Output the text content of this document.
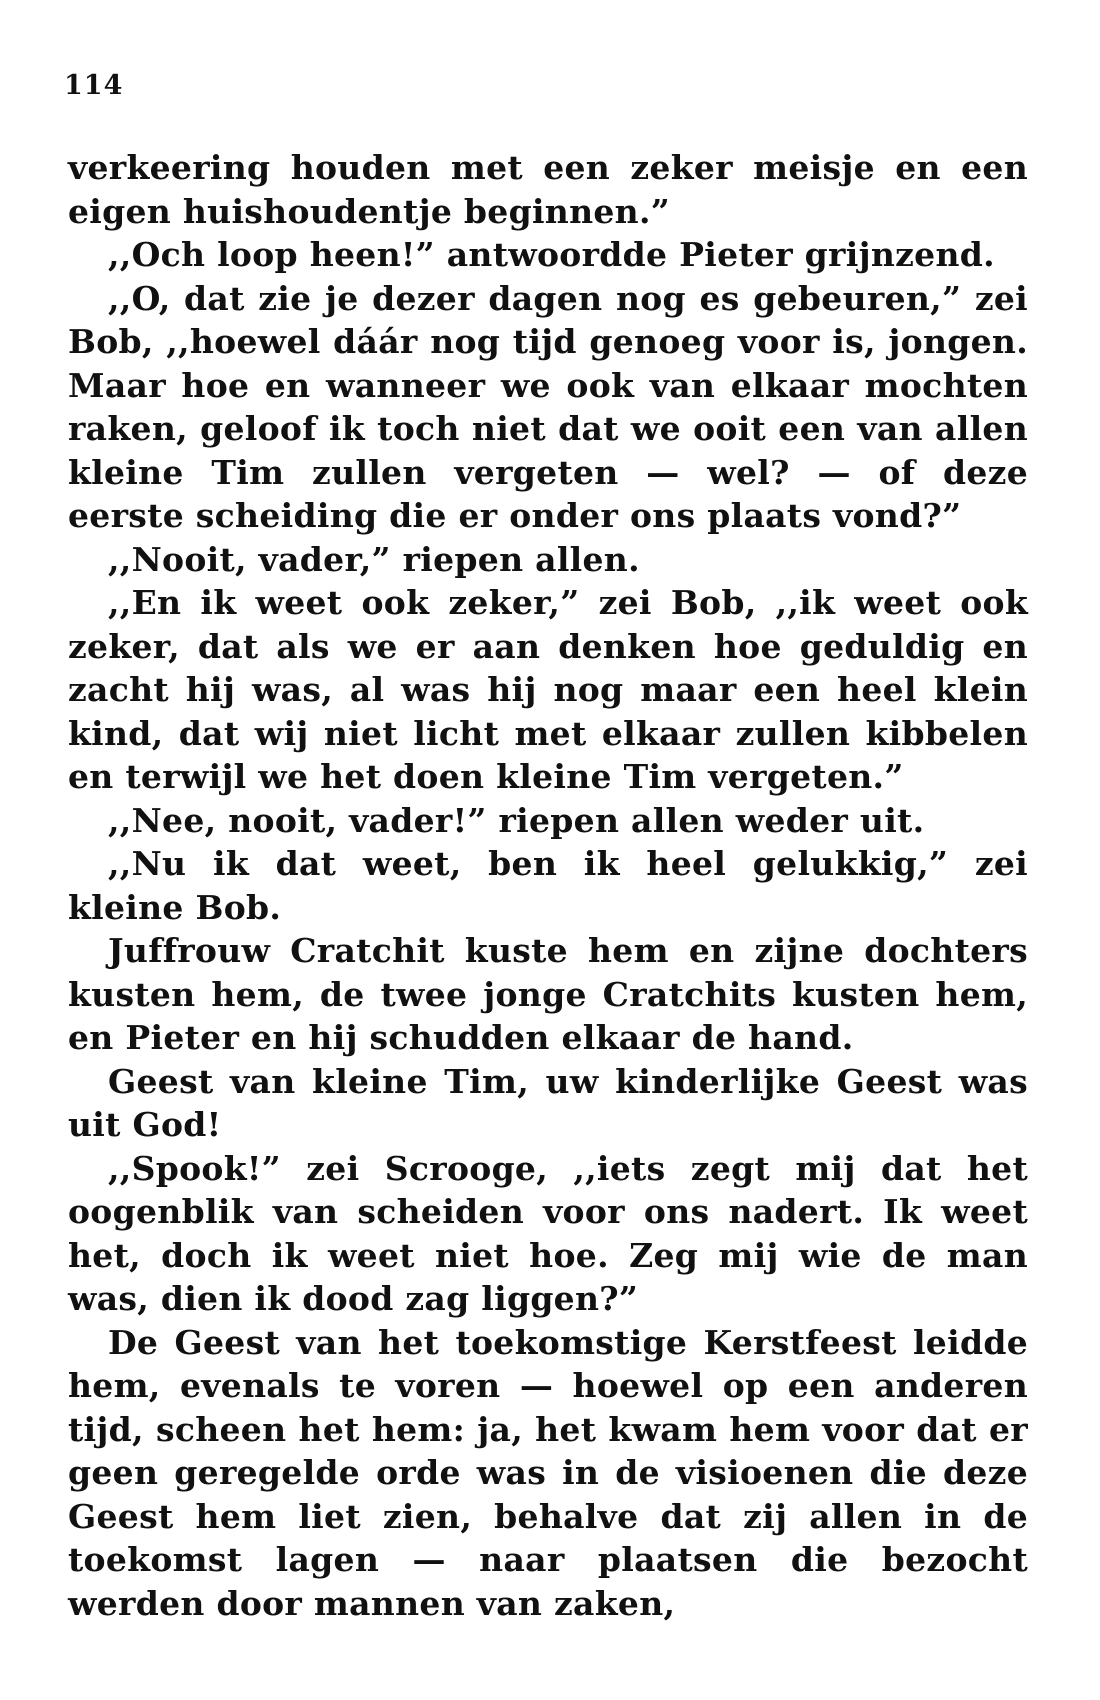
114

verkeering houden met een zeker meisje en een eigen huishoudentje beginnen.”

,,Och loop heen!” antwoordde Pieter grijnzend.

,,O, dat zie je dezer dagen nog es gebeuren,” zei Bob, ,,hoewel dáár nog tijd genoeg voor is, jongen. Maar hoe en wanneer we ook van elkaar mochten raken, geloof ik toch niet dat we ooit een van allen kleine Tim zullen vergeten — wel? — of deze eerste scheiding die er onder ons plaats vond?”

,,Nooit, vader,” riepen allen.

,,En ik weet ook zeker,” zei Bob, ,,ik weet ook zeker, dat als we er aan denken hoe geduldig en zacht hij was, al was hij nog maar een heel klein kind, dat wij niet licht met elkaar zullen kibbelen en terwijl we het doen kleine Tim vergeten.”

,,Nee, nooit, vader!” riepen allen weder uit.

,,Nu ik dat weet, ben ik heel gelukkig,” zei kleine Bob.

Juffrouw Cratchit kuste hem en zijne dochters kusten hem, de twee jonge Cratchits kusten hem, en Pieter en hij schudden elkaar de hand.

Geest van kleine Tim, uw kinderlijke Geest was uit God!

,,Spook!” zei Scrooge, ,,iets zegt mij dat het oogenblik van scheiden voor ons nadert. Ik weet het, doch ik weet niet hoe. Zeg mij wie de man was, dien ik dood zag liggen?”

De Geest van het toekomstige Kerstfeest leidde hem, evenals te voren — hoewel op een anderen tijd, scheen het hem: ja, het kwam hem voor dat er geen geregelde orde was in de visioenen die deze Geest hem liet zien, behalve dat zij allen in de toekomst lagen — naar plaatsen die bezocht werden door mannen van zaken,
